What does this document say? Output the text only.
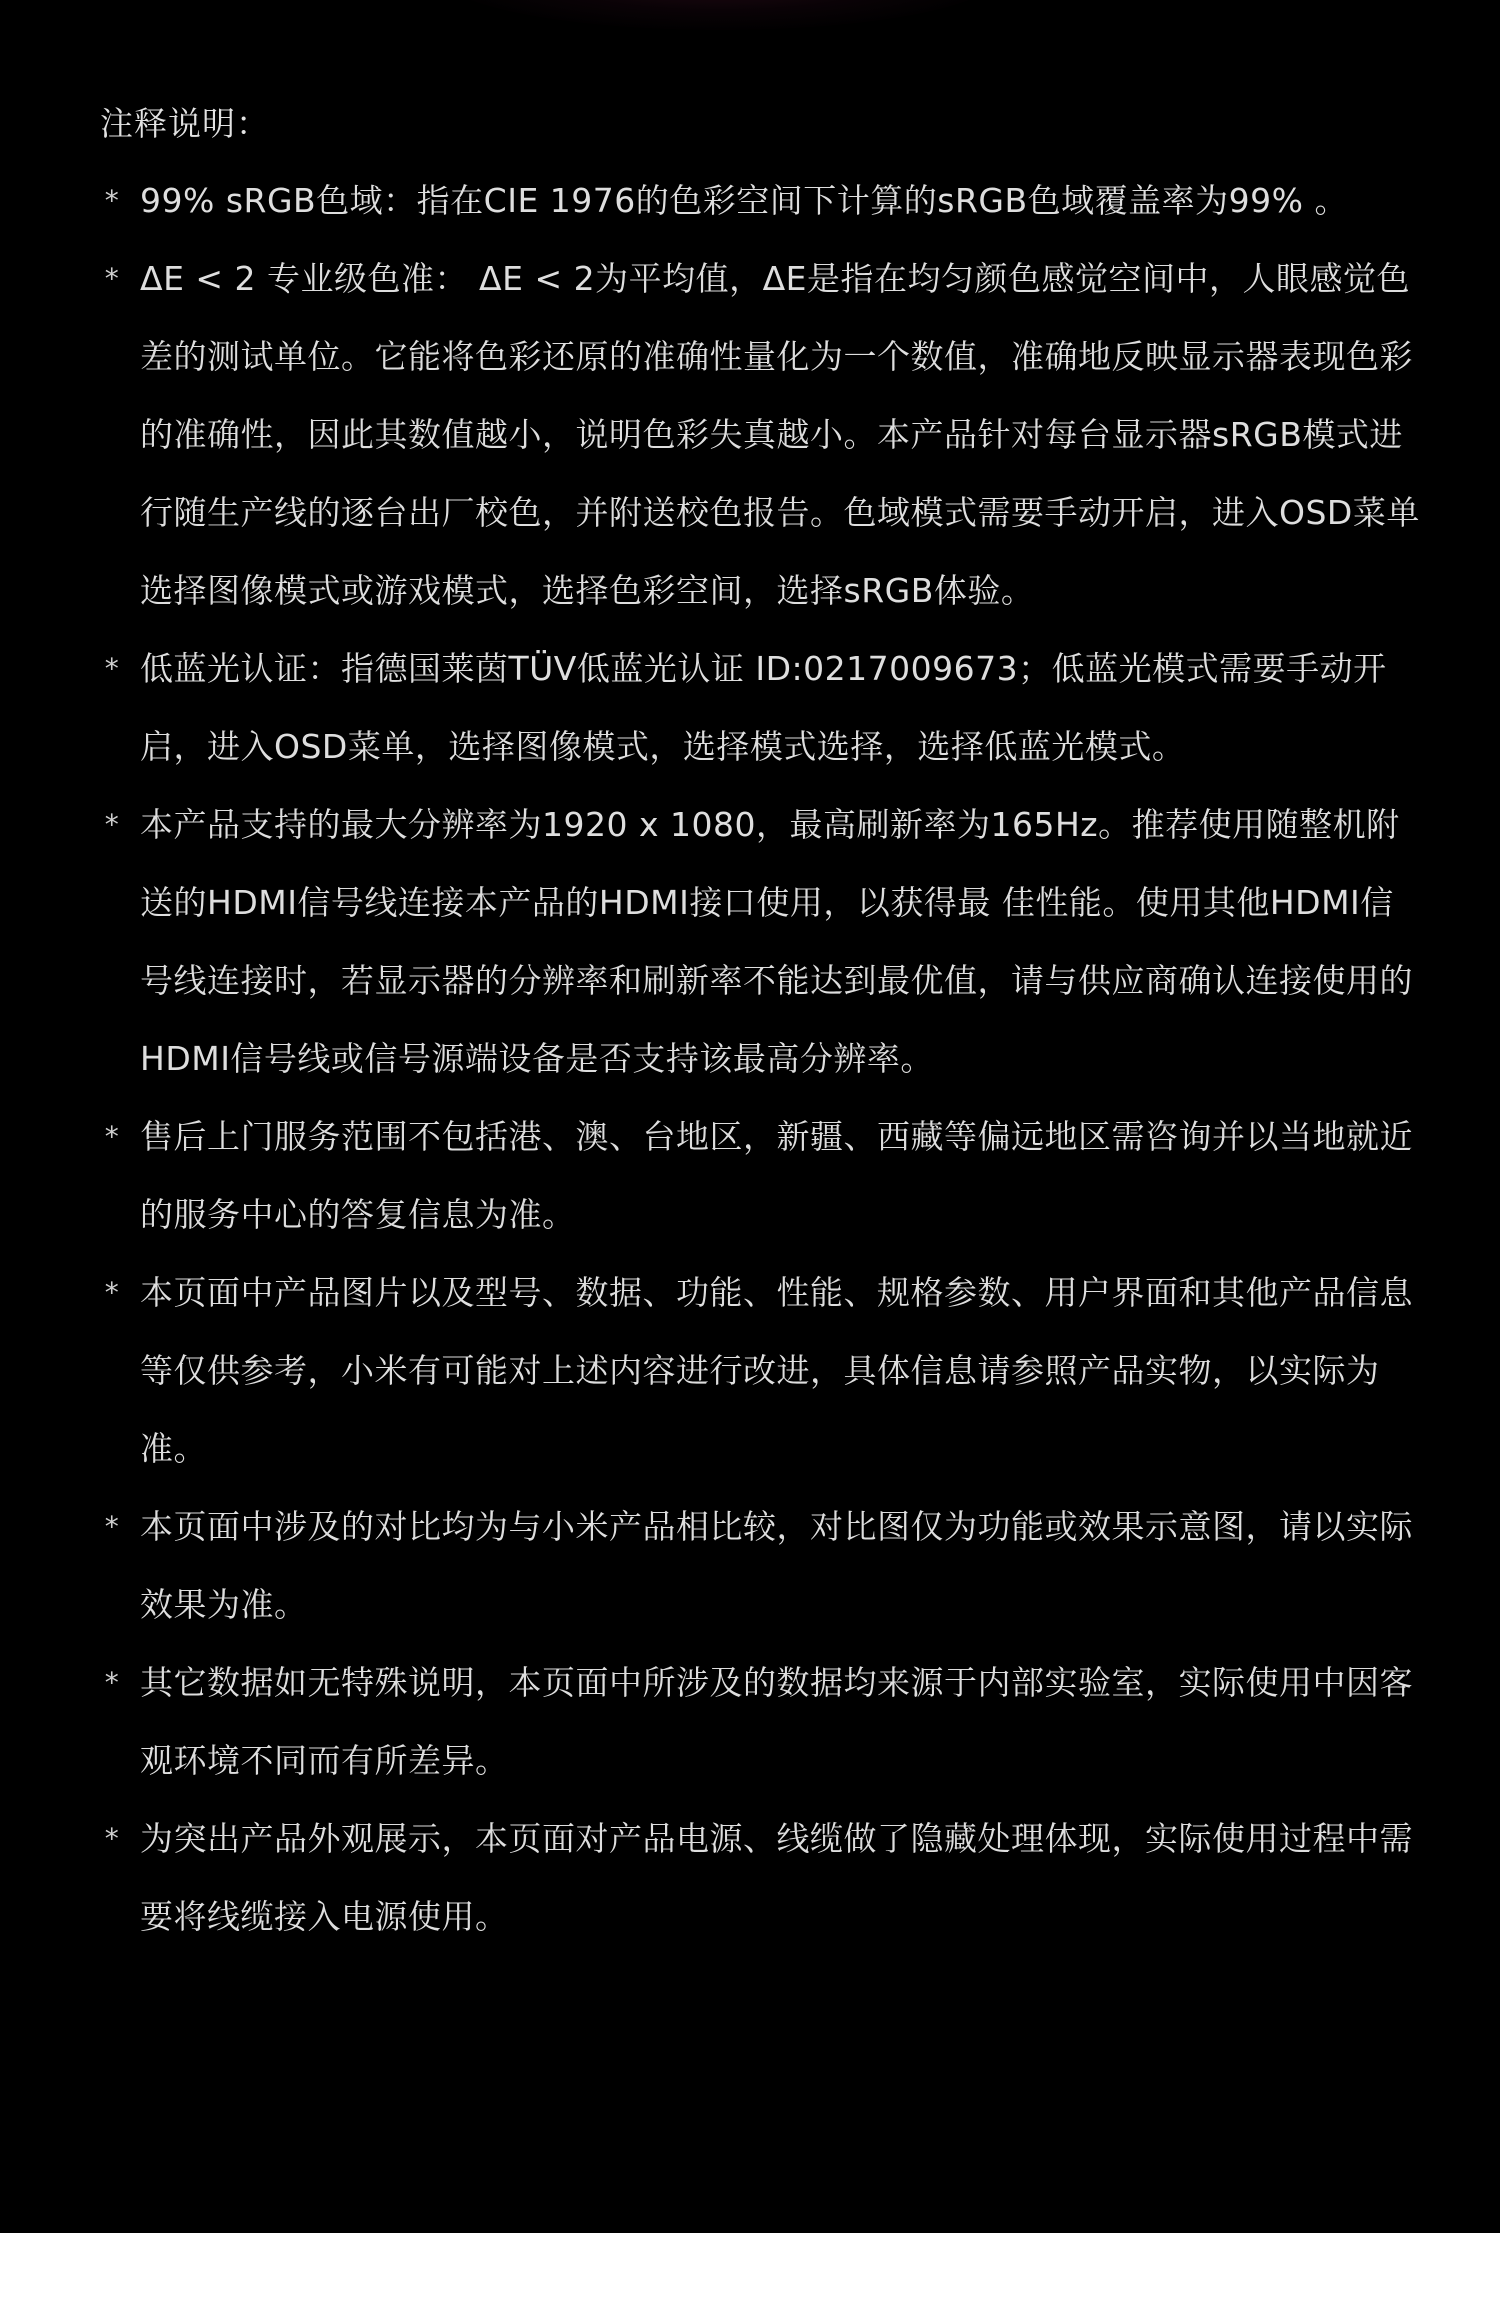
注释说明：
* 99% sRGB色域：指在CIE 1976的色彩空间下计算的sRGB色域覆盖率为99% 。
* ΔE < 2 专业级色准： ΔE < 2为平均值，ΔE是指在均匀颜色感觉空间中，人眼感觉色差的测试单位。它能将色彩还原的准确性量化为一个数值，准确地反映显示器表现色彩的准确性，因此其数值越小，说明色彩失真越小。本产品针对每台显示器sRGB模式进行随生产线的逐台出厂校色，并附送校色报告。色域模式需要手动开启，进入OSD菜单选择图像模式或游戏模式，选择色彩空间，选择sRGB体验。
* 低蓝光认证：指德国莱茵TÜV低蓝光认证 ID:0217009673；低蓝光模式需要手动开启，进入OSD菜单，选择图像模式，选择模式选择，选择低蓝光模式。
* 本产品支持的最大分辨率为1920 x 1080，最高刷新率为165Hz。推荐使用随整机附送的HDMI信号线连接本产品的HDMI接口使用，以获得最 佳性能。使用其他HDMI信号线连接时，若显示器的分辨率和刷新率不能达到最优值，请与供应商确认连接使用的HDMI信号线或信号源端设备是否支持该最高分辨率。
* 售后上门服务范围不包括港、澳、台地区，新疆、西藏等偏远地区需咨询并以当地就近的服务中心的答复信息为准。
* 本页面中产品图片以及型号、数据、功能、性能、规格参数、用户界面和其他产品信息等仅供参考，小米有可能对上述内容进行改进，具体信息请参照产品实物，以实际为准。
* 本页面中涉及的对比均为与小米产品相比较，对比图仅为功能或效果示意图，请以实际效果为准。
* 其它数据如无特殊说明，本页面中所涉及的数据均来源于内部实验室，实际使用中因客观环境不同而有所差异。
* 为突出产品外观展示，本页面对产品电源、线缆做了隐藏处理体现，实际使用过程中需要将线缆接入电源使用。
